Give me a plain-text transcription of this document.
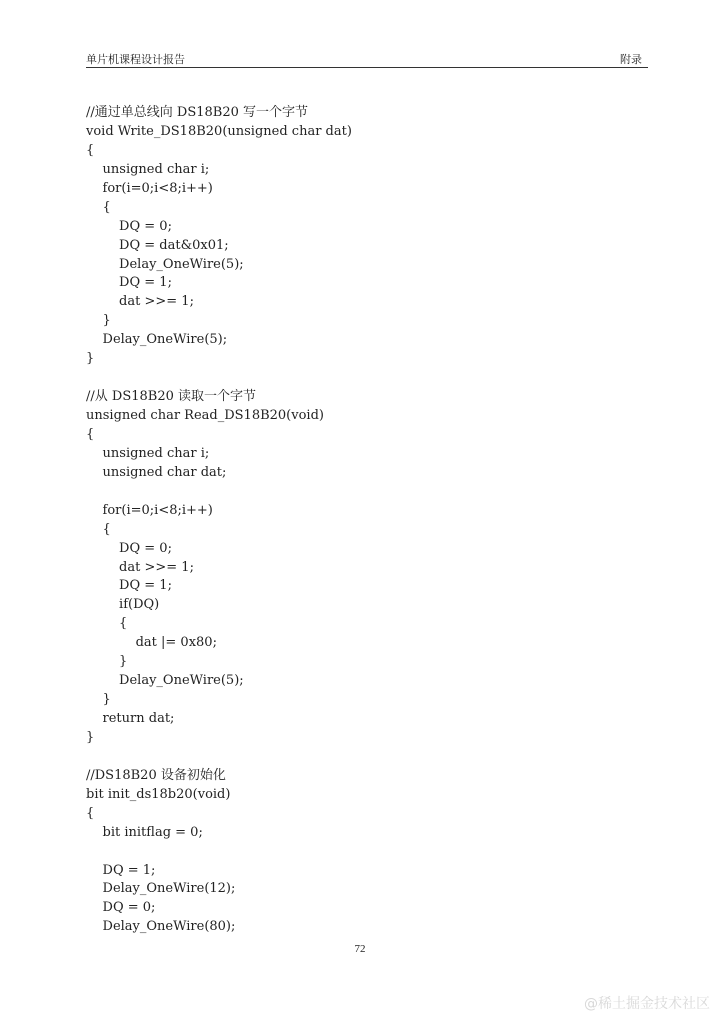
单片机课程设计报告	附录
//通过单总线向 DS18B20 写一个字节
void Write_DS18B20(unsigned char dat)
{
unsigned char i;
for(i=0;i<8;i++)
{
DQ = 0;
DQ = dat&0x01;
Delay_OneWire(5);
DQ = 1;
dat >>= 1;
}
Delay_OneWire(5);
}
//从 DS18B20 读取一个字节
unsigned char Read_DS18B20(void)
{
unsigned char i;
unsigned char dat;
for(i=0;i<8;i++)
{
DQ = 0;
dat >>= 1;
DQ = 1;
if(DQ)
{
dat |= 0x80;
}
Delay_OneWire(5);
}
return dat;
}
//DS18B20 设备初始化
bit init_ds18b20(void)
{
bit initflag = 0;
DQ = 1;
Delay_OneWire(12);
DQ = 0;
Delay_OneWire(80);
72
@稀土掘金技术社区
